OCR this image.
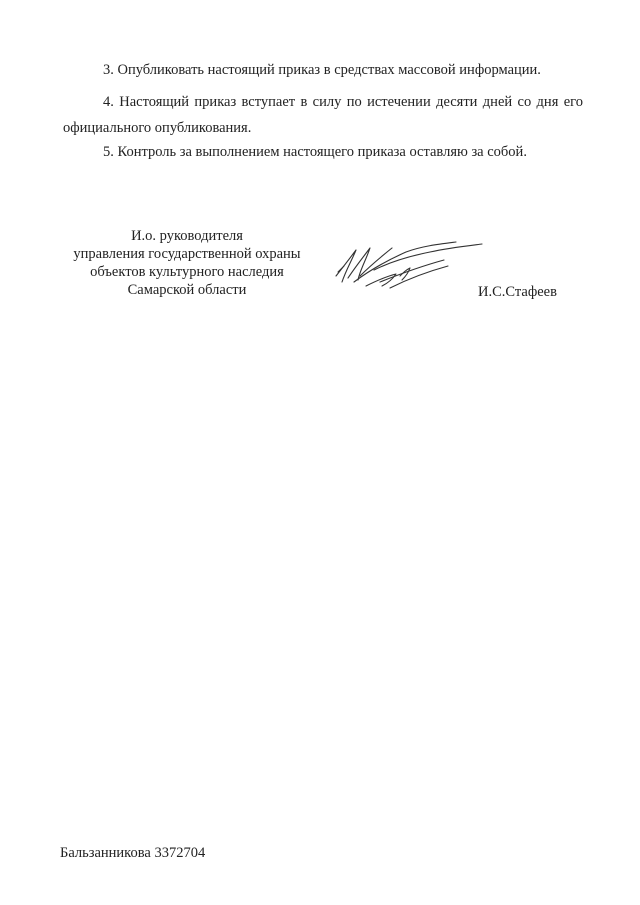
3. Опубликовать настоящий приказ в средствах массовой информации.
4. Настоящий приказ вступает в силу по истечении десяти дней со дня его официального опубликования.
5. Контроль за выполнением настоящего приказа оставляю за собой.
И.о. руководителя
управления государственной охраны
объектов культурного наследия
Самарской области	И.С.Стафеев
Бальзанникова 3372704
